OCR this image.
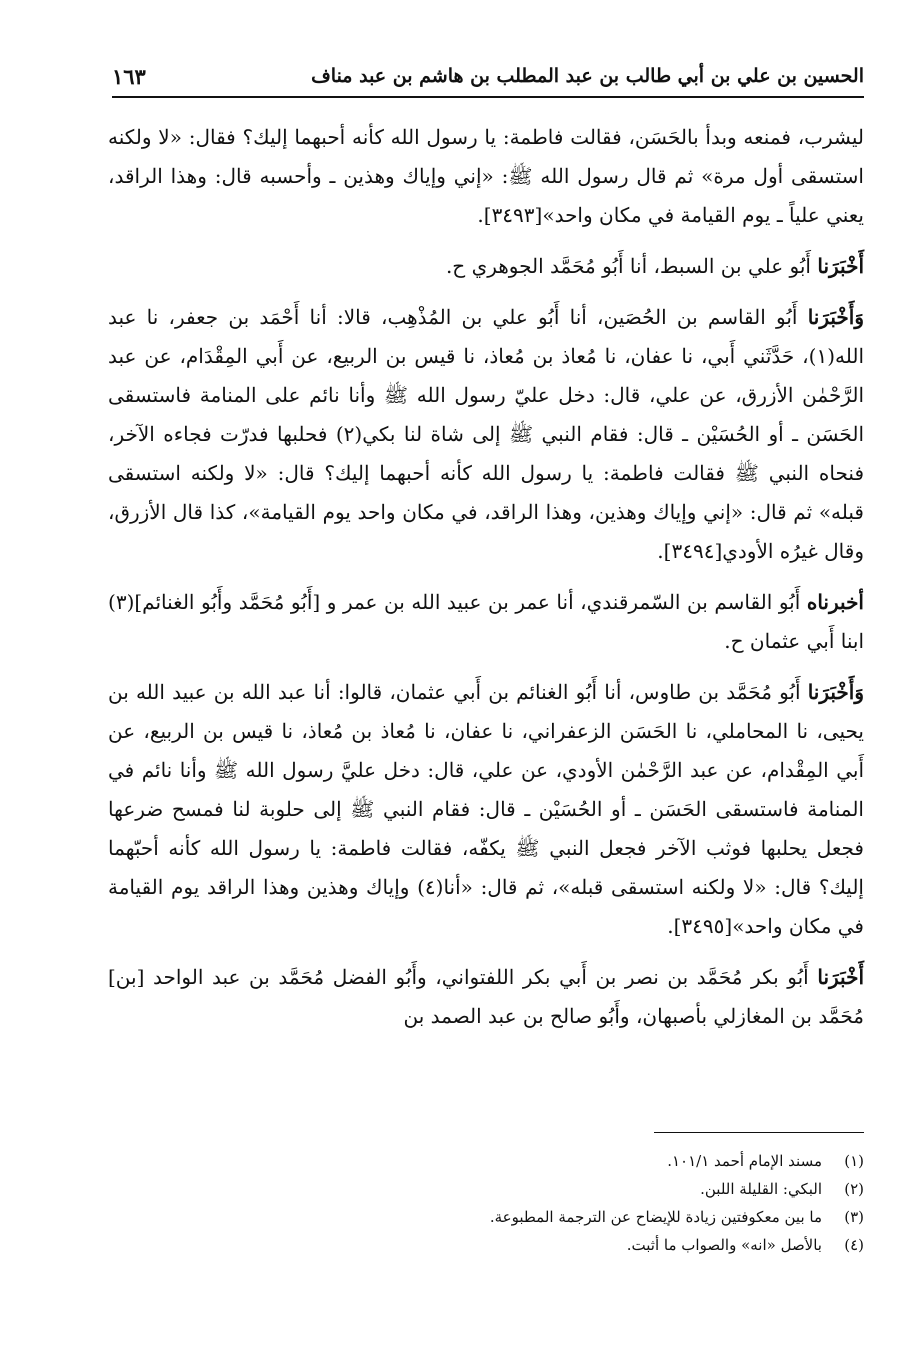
الحسين بن علي بن أبي طالب بن عبد المطلب بن هاشم بن عبد مناف
١٦٣

ليشرب، فمنعه وبدأ بالحَسَن، فقالت فاطمة: يا رسول الله كأنه أحبهما إليك؟ فقال: «لا ولكنه استسقى أول مرة» ثم قال رسول الله ﷺ: «إني وإياك وهذين ـ وأحسبه قال: وهذا الراقد، يعني علياً ـ يوم القيامة في مكان واحد»[٣٤٩٣].

أَخْبَرَنا أَبُو علي بن السبط، أنا أَبُو مُحَمَّد الجوهري ح.

وَأَخْبَرَنا أَبُو القاسم بن الحُصَين، أنا أَبُو علي بن المُذْهِب، قالا: أنا أَحْمَد بن جعفر، نا عبد الله(١)، حَدَّثَني أَبي، نا عفان، نا مُعاذ بن مُعاذ، نا قيس بن الربيع، عن أَبي المِقْدَام، عن عبد الرَّحْمٰن الأزرق، عن علي، قال: دخل عليّ رسول الله ﷺ وأنا نائم على المنامة فاستسقى الحَسَن ـ أو الحُسَيْن ـ قال: فقام النبي ﷺ إلى شاة لنا بكي(٢) فحلبها فدرّت فجاءه الآخر، فنحاه النبي ﷺ فقالت فاطمة: يا رسول الله كأنه أحبهما إليك؟ قال: «لا ولكنه استسقى قبله» ثم قال: «إني وإياك وهذين، وهذا الراقد، في مكان واحد يوم القيامة»، كذا قال الأزرق، وقال غيرُه الأودي[٣٤٩٤].

أخبرناه أَبُو القاسم بن السّمرقندي، أنا عمر بن عبيد الله بن عمر و [أَبُو مُحَمَّد وأَبُو الغنائم](٣) ابنا أَبي عثمان ح.

وَأَخْبَرَنا أَبُو مُحَمَّد بن طاوس، أنا أَبُو الغنائم بن أَبي عثمان، قالوا: أنا عبد الله بن عبيد الله بن يحيى، نا المحاملي، نا الحَسَن الزعفراني، نا عفان، نا مُعاذ بن مُعاذ، نا قيس بن الربيع، عن أَبي المِقْدام، عن عبد الرَّحْمٰن الأودي، عن علي، قال: دخل عليَّ رسول الله ﷺ وأنا نائم في المنامة فاستسقى الحَسَن ـ أو الحُسَيْن ـ قال: فقام النبي ﷺ إلى حلوبة لنا فمسح ضرعها فجعل يحلبها فوثب الآخر فجعل النبي ﷺ يكفّه، فقالت فاطمة: يا رسول الله كأنه أحبّهما إليك؟ قال: «لا ولكنه استسقى قبله»، ثم قال: «أنا(٤) وإياك وهذين وهذا الراقد يوم القيامة في مكان واحد»[٣٤٩٥].

أَخْبَرَنا أَبُو بكر مُحَمَّد بن نصر بن أَبي بكر اللفتواني، وأَبُو الفضل مُحَمَّد بن عبد الواحد [بن] مُحَمَّد بن المغازلي بأصبهان، وأَبُو صالح بن عبد الصمد بن

(١)
مسند الإمام أحمد ١٠١/١.
(٢)
البكي: القليلة اللبن.
(٣)
ما بين معكوفتين زيادة للإيضاح عن الترجمة المطبوعة.
(٤)
بالأصل «انه» والصواب ما أثبت.
